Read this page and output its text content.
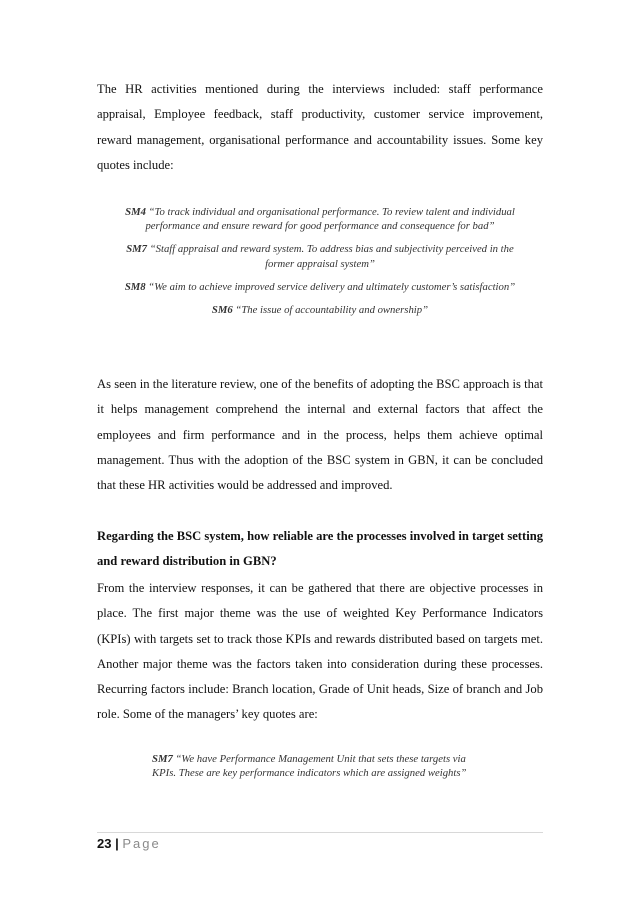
The HR activities mentioned during the interviews included: staff performance appraisal, Employee feedback, staff productivity, customer service improvement, reward management, organisational performance and accountability issues. Some key quotes include:

SM4 “To track individual and organisational performance. To review talent and individual performance and ensure reward for good performance and consequence for bad”
SM7 “Staff appraisal and reward system. To address bias and subjectivity perceived in the former appraisal system”
SM8 “We aim to achieve improved service delivery and ultimately customer’s satisfaction”
SM6 “The issue of accountability and ownership”

As seen in the literature review, one of the benefits of adopting the BSC approach is that it helps management comprehend the internal and external factors that affect the employees and firm performance and in the process, helps them achieve optimal management. Thus with the adoption of the BSC system in GBN, it can be concluded that these HR activities would be addressed and improved.

Regarding the BSC system, how reliable are the processes involved in target setting and reward distribution in GBN?

From the interview responses, it can be gathered that there are objective processes in place. The first major theme was the use of weighted Key Performance Indicators (KPIs) with targets set to track those KPIs and rewards distributed based on targets met. Another major theme was the factors taken into consideration during these processes. Recurring factors include: Branch location, Grade of Unit heads, Size of branch and Job role. Some of the managers’ key quotes are:

SM7 “We have Performance Management Unit that sets these targets via KPIs. These are key performance indicators which are assigned weights”
23 | Page
